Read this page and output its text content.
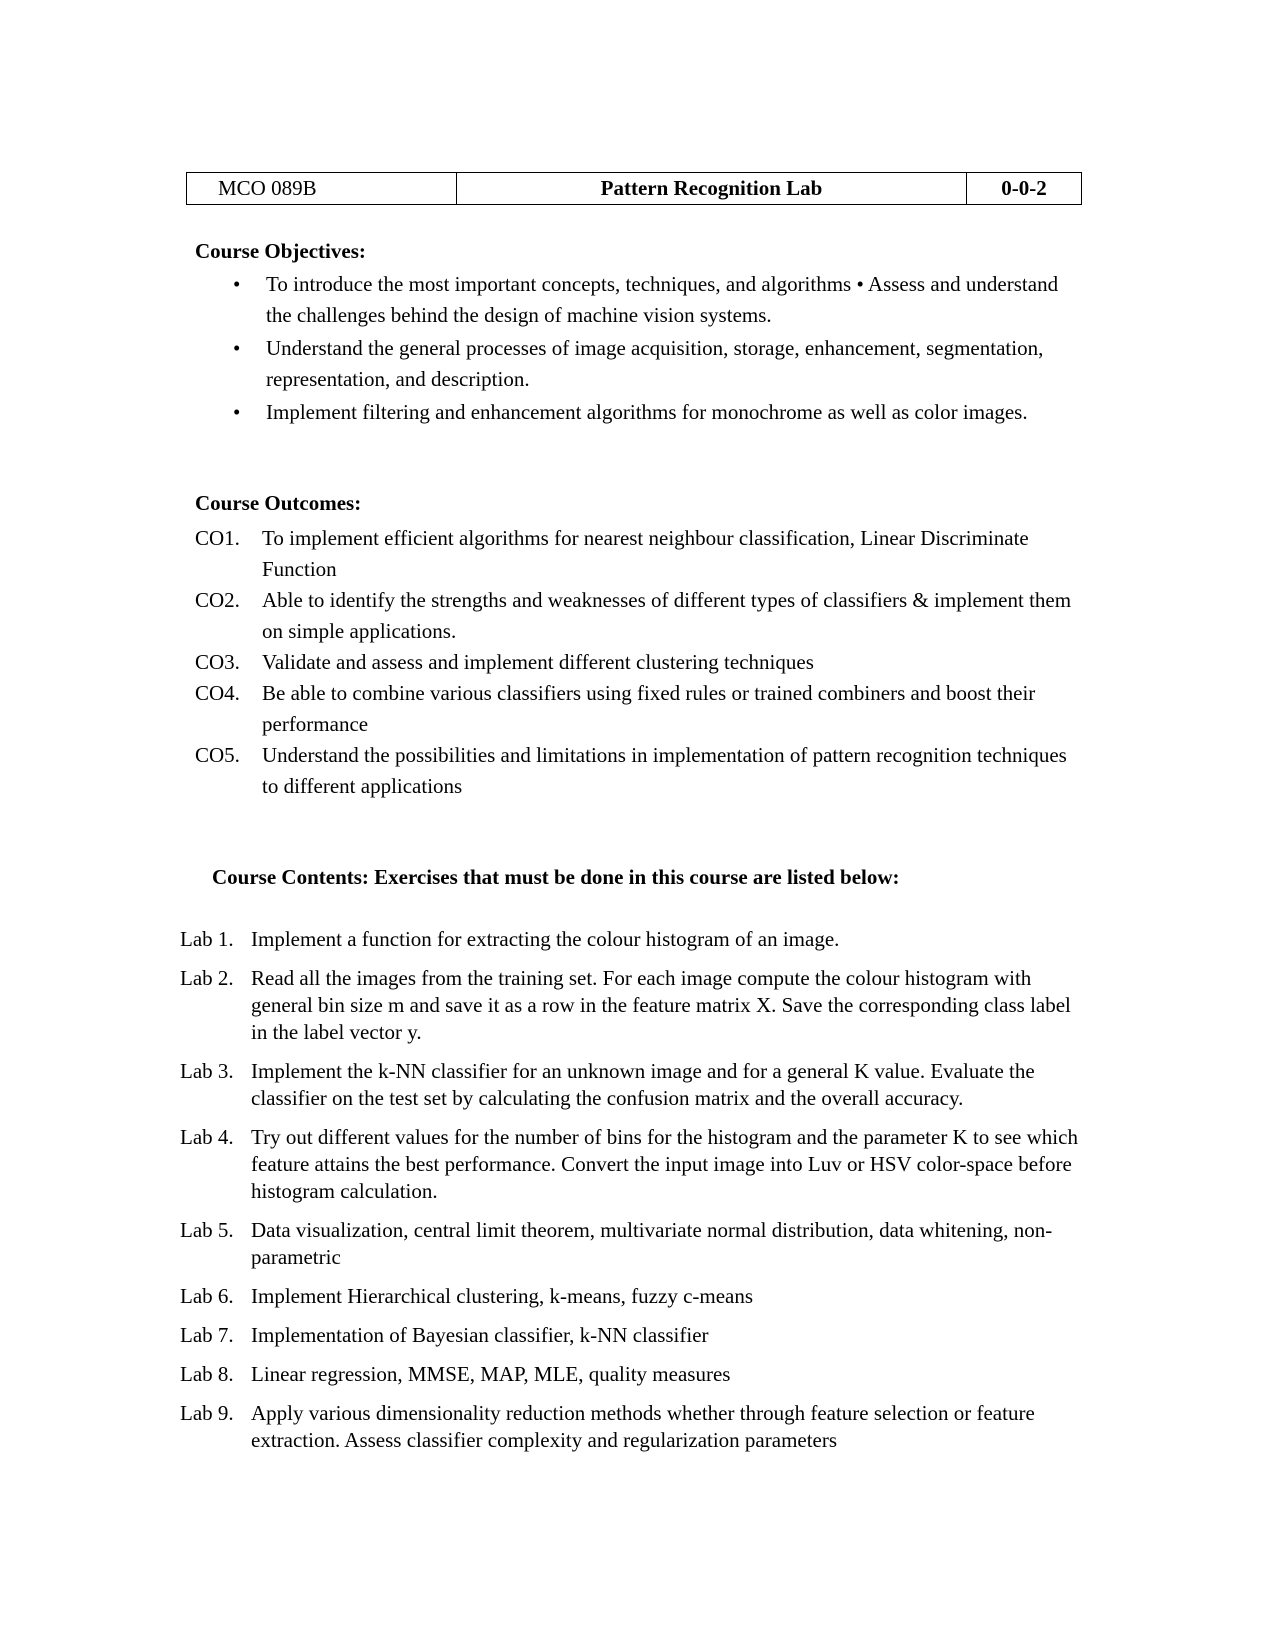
MCO 089B	Pattern Recognition Lab	0-0-2
Course Objectives:
• To introduce the most important concepts, techniques, and algorithms • Assess and understand the challenges behind the design of machine vision systems.
• Understand the general processes of image acquisition, storage, enhancement, segmentation, representation, and description.
• Implement filtering and enhancement algorithms for monochrome as well as color images.
Course Outcomes:
CO1.	To implement efficient algorithms for nearest neighbour classification, Linear Discriminate Function
CO2.	Able to identify the strengths and weaknesses of different types of classifiers & implement them on simple applications.
CO3.	Validate and assess and implement different clustering techniques
CO4.	Be able to combine various classifiers using fixed rules or trained combiners and boost their performance
CO5.	Understand the possibilities and limitations in implementation of pattern recognition techniques to different applications
Course Contents: Exercises that must be done in this course are listed below:
Lab 1. Implement a function for extracting the colour histogram of an image.
Lab 2. Read all the images from the training set. For each image compute the colour histogram with general bin size m and save it as a row in the feature matrix X. Save the corresponding class label in the label vector y.
Lab 3. Implement the k-NN classifier for an unknown image and for a general K value. Evaluate the classifier on the test set by calculating the confusion matrix and the overall accuracy.
Lab 4. Try out different values for the number of bins for the histogram and the parameter K to see which feature attains the best performance. Convert the input image into Luv or HSV color-space before histogram calculation.
Lab 5. Data visualization, central limit theorem, multivariate normal distribution, data whitening, non-parametric
Lab 6. Implement Hierarchical clustering, k-means, fuzzy c-means
Lab 7. Implementation of Bayesian classifier, k-NN classifier
Lab 8. Linear regression, MMSE, MAP, MLE, quality measures
Lab 9. Apply various dimensionality reduction methods whether through feature selection or feature extraction. Assess classifier complexity and regularization parameters
